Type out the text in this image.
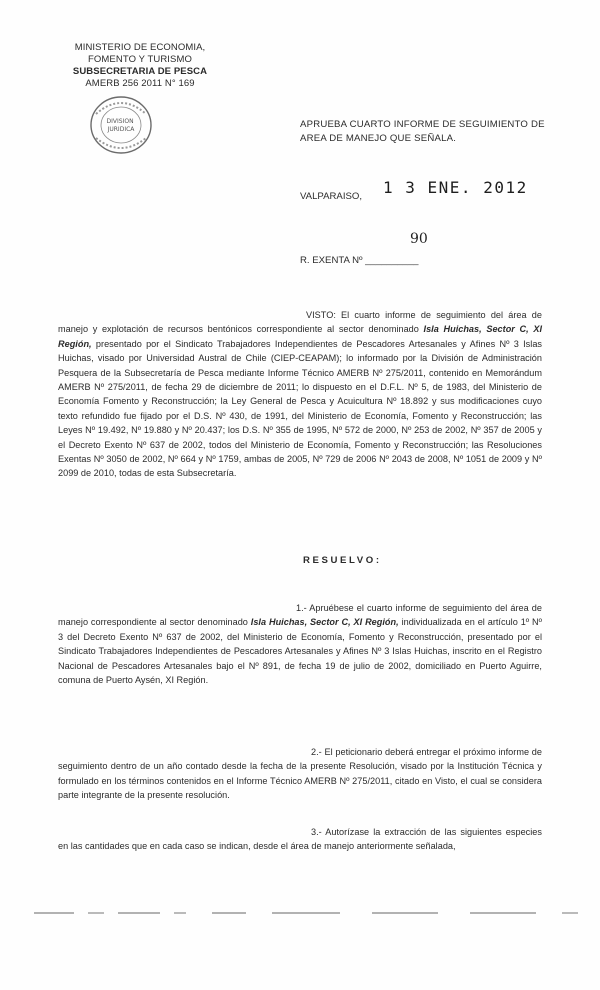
MINISTERIO DE ECONOMIA,
FOMENTO Y TURISMO
SUBSECRETARIA DE PESCA
AMERB 256 2011 N° 169
DIVISION JURIDICA	APRUEBA CUARTO INFORME DE SEGUIMIENTO DE AREA DE MANEJO QUE SEÑALA.
VALPARAISO, 1 3 ENE. 2012
90
R. EXENTA Nº __________
VISTO: El cuarto informe de seguimiento del área de manejo y explotación de recursos bentónicos correspondiente al sector denominado Isla Huichas, Sector C, XI Región, presentado por el Sindicato Trabajadores Independientes de Pescadores Artesanales y Afines Nº 3 Islas Huichas, visado por Universidad Austral de Chile (CIEP-CEAPAM); lo informado por la División de Administración Pesquera de la Subsecretaría de Pesca mediante Informe Técnico AMERB Nº 275/2011, contenido en Memorándum AMERB Nº 275/2011, de fecha 29 de diciembre de 2011; lo dispuesto en el D.F.L. Nº 5, de 1983, del Ministerio de Economía Fomento y Reconstrucción; la Ley General de Pesca y Acuicultura Nº 18.892 y sus modificaciones cuyo texto refundido fue fijado por el D.S. Nº 430, de 1991, del Ministerio de Economía, Fomento y Reconstrucción; las Leyes Nº 19.492, Nº 19.880 y Nº 20.437; los D.S. Nº 355 de 1995, Nº 572 de 2000, Nº 253 de 2002, Nº 357 de 2005 y el Decreto Exento Nº 637 de 2002, todos del Ministerio de Economía, Fomento y Reconstrucción; las Resoluciones Exentas Nº 3050 de 2002, Nº 664 y Nº 1759, ambas de 2005, Nº 729 de 2006 Nº 2043 de 2008, Nº 1051 de 2009 y Nº 2099 de 2010, todas de esta Subsecretaría.
RESUELVO:
1.- Apruébese el cuarto informe de seguimiento del área de manejo correspondiente al sector denominado Isla Huichas, Sector C, XI Región, individualizada en el artículo 1º Nº 3 del Decreto Exento Nº 637 de 2002, del Ministerio de Economía, Fomento y Reconstrucción, presentado por el Sindicato Trabajadores Independientes de Pescadores Artesanales y Afines Nº 3 Islas Huichas, inscrito en el Registro Nacional de Pescadores Artesanales bajo el Nº 891, de fecha 19 de julio de 2002, domiciliado en Puerto Aguirre, comuna de Puerto Aysén, XI Región.
2.- El peticionario deberá entregar el próximo informe de seguimiento dentro de un año contado desde la fecha de la presente Resolución, visado por la Institución Técnica y formulado en los términos contenidos en el Informe Técnico AMERB Nº 275/2011, citado en Visto, el cual se considera parte integrante de la presente resolución.
3.- Autorízase la extracción de las siguientes especies en las cantidades que en cada caso se indican, desde el área de manejo anteriormente señalada,
